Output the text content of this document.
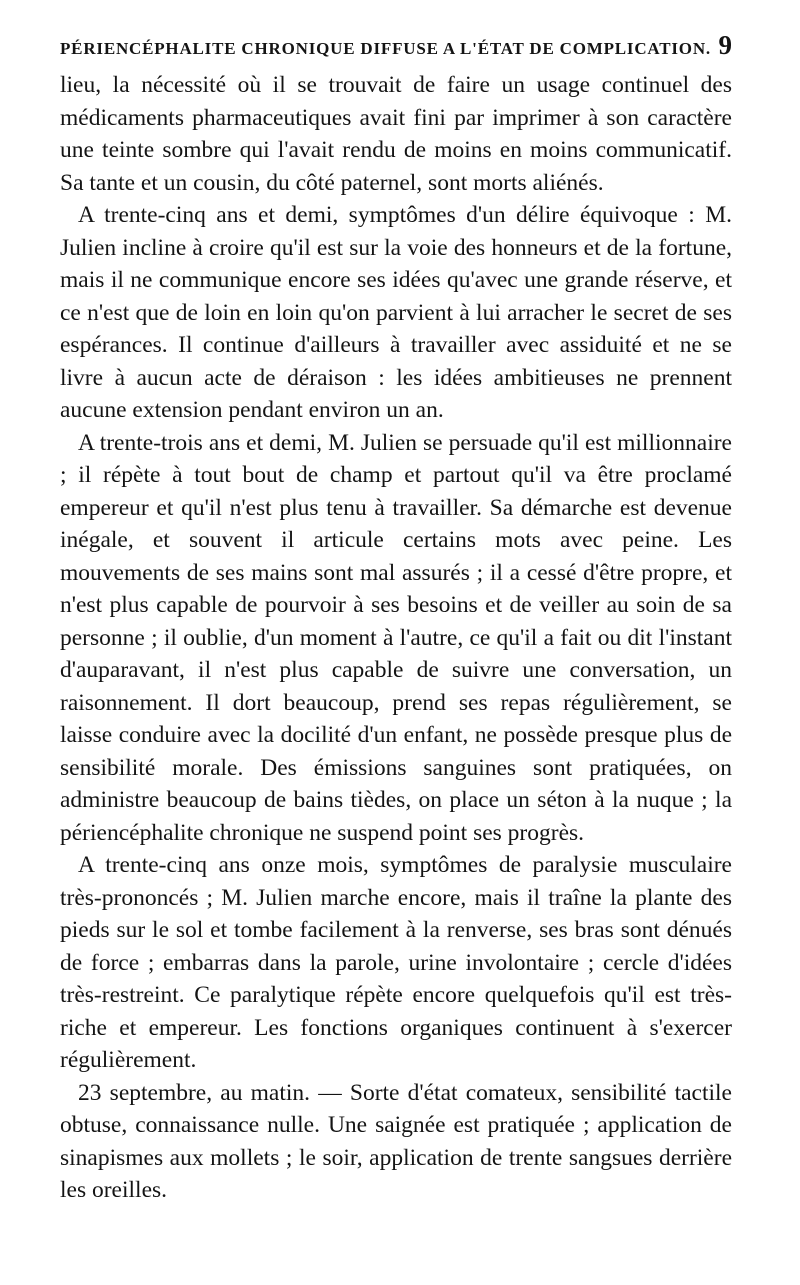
PÉRIENCÉPHALITE CHRONIQUE DIFFUSE A L'ÉTAT DE COMPLICATION. 9

lieu, la nécessité où il se trouvait de faire un usage continuel des médicaments pharmaceutiques avait fini par imprimer à son caractère une teinte sombre qui l'avait rendu de moins en moins communicatif. Sa tante et un cousin, du côté paternel, sont morts aliénés.

A trente-cinq ans et demi, symptômes d'un délire équivoque : M. Julien incline à croire qu'il est sur la voie des honneurs et de la fortune, mais il ne communique encore ses idées qu'avec une grande réserve, et ce n'est que de loin en loin qu'on parvient à lui arracher le secret de ses espérances. Il continue d'ailleurs à travailler avec assiduité et ne se livre à aucun acte de déraison : les idées ambitieuses ne prennent aucune extension pendant environ un an.

A trente-trois ans et demi, M. Julien se persuade qu'il est millionnaire ; il répète à tout bout de champ et partout qu'il va être proclamé empereur et qu'il n'est plus tenu à travailler. Sa démarche est devenue inégale, et souvent il articule certains mots avec peine. Les mouvements de ses mains sont mal assurés ; il a cessé d'être propre, et n'est plus capable de pourvoir à ses besoins et de veiller au soin de sa personne ; il oublie, d'un moment à l'autre, ce qu'il a fait ou dit l'instant d'auparavant, il n'est plus capable de suivre une conversation, un raisonnement. Il dort beaucoup, prend ses repas régulièrement, se laisse conduire avec la docilité d'un enfant, ne possède presque plus de sensibilité morale. Des émissions sanguines sont pratiquées, on administre beaucoup de bains tièdes, on place un séton à la nuque ; la périencéphalite chronique ne suspend point ses progrès.

A trente-cinq ans onze mois, symptômes de paralysie musculaire très-prononcés ; M. Julien marche encore, mais il traîne la plante des pieds sur le sol et tombe facilement à la renverse, ses bras sont dénués de force ; embarras dans la parole, urine involontaire ; cercle d'idées très-restreint. Ce paralytique répète encore quelquefois qu'il est très-riche et empereur. Les fonctions organiques continuent à s'exercer régulièrement.

23 septembre, au matin. — Sorte d'état comateux, sensibilité tactile obtuse, connaissance nulle. Une saignée est pratiquée ; application de sinapismes aux mollets ; le soir, application de trente sangsues derrière les oreilles.
